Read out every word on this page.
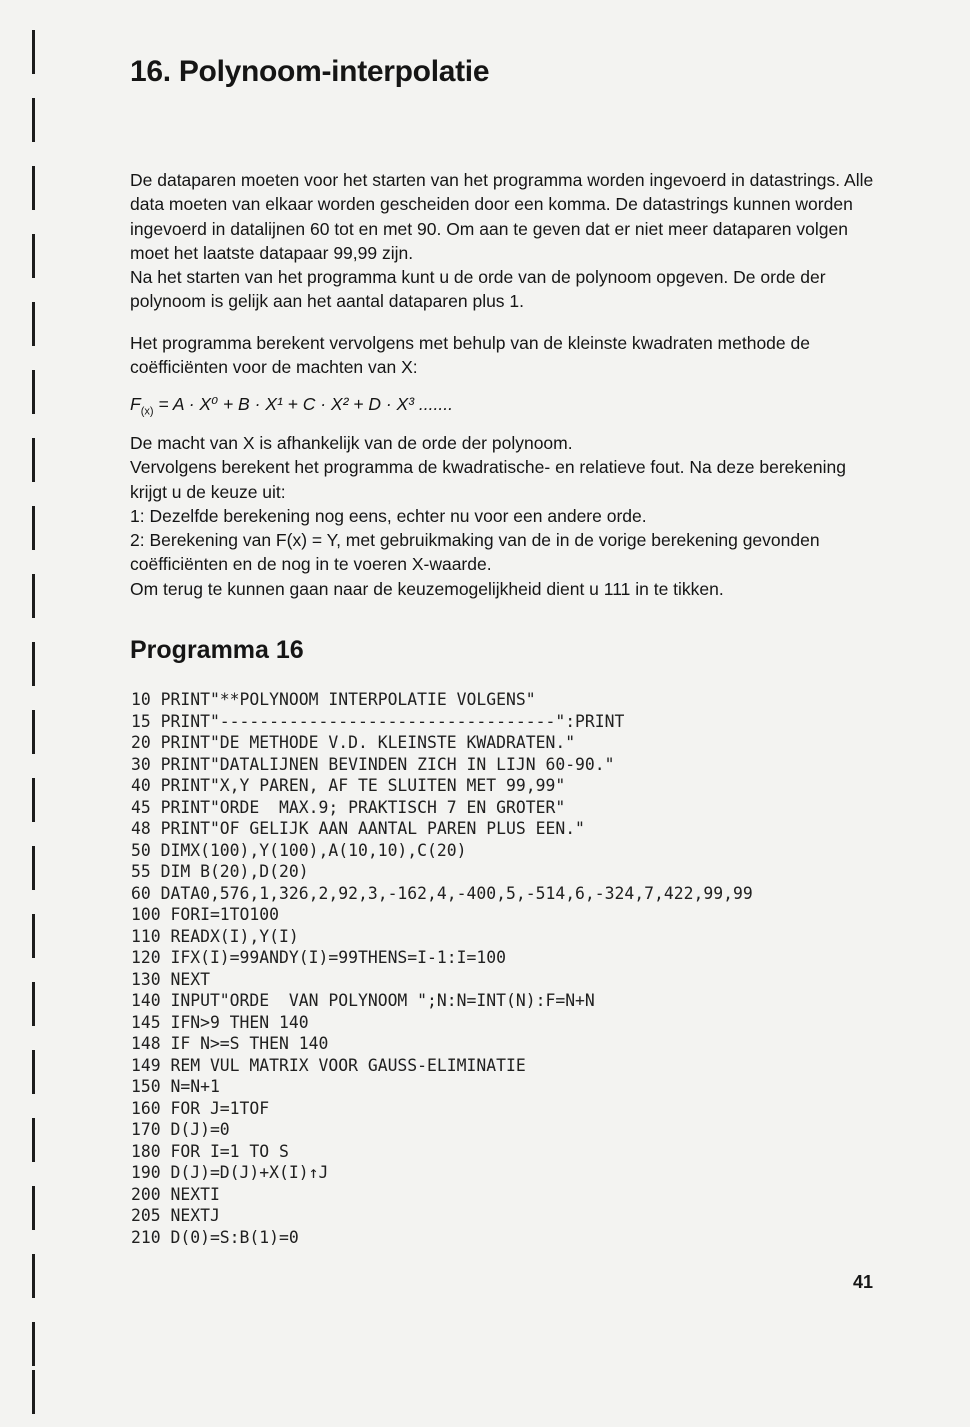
16. Polynoom-interpolatie

De dataparen moeten voor het starten van het programma worden ingevoerd in datastrings. Alle data moeten van elkaar worden gescheiden door een komma. De datastrings kunnen worden ingevoerd in datalijnen 60 tot en met 90. Om aan te geven dat er niet meer dataparen volgen moet het laatste datapaar 99,99 zijn.

Na het starten van het programma kunt u de orde van de polynoom opgeven. De orde der polynoom is gelijk aan het aantal dataparen plus 1.

Het programma berekent vervolgens met behulp van de kleinste kwadraten methode de coëfficiënten voor de machten van X:

$F_{(x)} = A \cdot X^0 + B \cdot X^1 + C \cdot X^2 + D \cdot X^3$ .......

De macht van X is afhankelijk van de orde der polynoom.

Vervolgens berekent het programma de kwadratische- en relatieve fout. Na deze berekening krijgt u de keuze uit:

1: Dezelfde berekening nog eens, echter nu voor een andere orde.

2: Berekening van F(x) = Y, met gebruikmaking van de in de vorige berekening gevonden coëfficiënten en de nog in te voeren X-waarde.

Om terug te kunnen gaan naar de keuzemogelijkheid dient u 111 in te tikken.

Programma 16
10 PRINT"**POLYNOOM INTERPOLATIE VOLGENS"
15 PRINT"----------------------------------":PRINT
20 PRINT"DE METHODE V.D. KLEINSTE KWADRATEN."
30 PRINT"DATALIJNEN BEVINDEN ZICH IN LIJN 60-90."
40 PRINT"X,Y PAREN, AF TE SLUITEN MET 99,99"
45 PRINT"ORDE  MAX.9; PRAKTISCH 7 EN GROTER"
48 PRINT"OF GELIJK AAN AANTAL PAREN PLUS EEN."
50 DIMX(100),Y(100),A(10,10),C(20)
55 DIM B(20),D(20)
60 DATA0,576,1,326,2,92,3,-162,4,-400,5,-514,6,-324,7,422,99,99
100 FORI=1TO100
110 READX(I),Y(I)
120 IFX(I)=99ANDY(I)=99THENS=I-1:I=100
130 NEXT
140 INPUT"ORDE  VAN POLYNOOM ";N:N=INT(N):F=N+N
145 IFN>9 THEN 140
148 IF N>=S THEN 140
149 REM VUL MATRIX VOOR GAUSS-ELIMINATIE
150 N=N+1
160 FOR J=1TOF
170 D(J)=0
180 FOR I=1 TO S
190 D(J)=D(J)+X(I)↑J
200 NEXTI
205 NEXTJ
210 D(0)=S:B(1)=0
41
